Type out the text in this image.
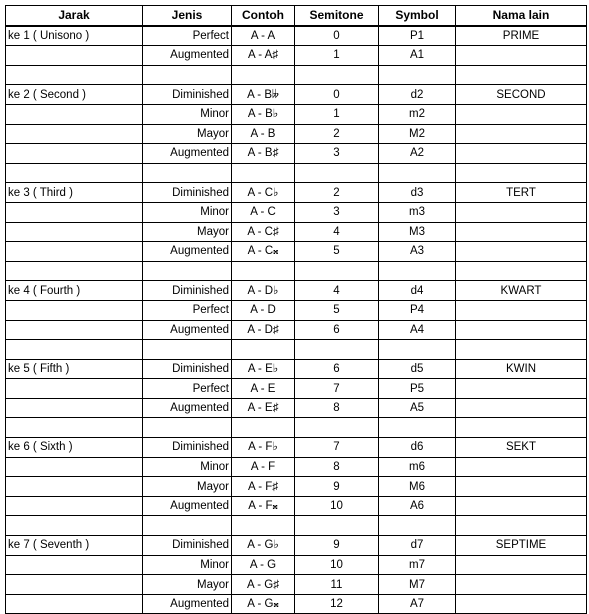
Jarak	Jenis	Contoh	Semitone	Symbol	Nama lain
ke 1 ( Unisono )	Perfect	A - A	0	P1	PRIME
	Augmented	A - A♯	1	A1	

ke 2 ( Second )	Diminished	A - B𝄫	0	d2	SECOND
	Minor	A - B♭	1	m2	
	Mayor	A - B	2	M2	
	Augmented	A - B♯	3	A2	

ke 3 ( Third )	Diminished	A - C♭	2	d3	TERT
	Minor	A - C	3	m3	
	Mayor	A - C♯	4	M3	
	Augmented	A - C𝄪	5	A3	

ke 4 ( Fourth )	Diminished	A - D♭	4	d4	KWART
	Perfect	A - D	5	P4	
	Augmented	A - D♯	6	A4	

ke 5 ( Fifth )	Diminished	A - E♭	6	d5	KWIN
	Perfect	A - E	7	P5	
	Augmented	A - E♯	8	A5	

ke 6 ( Sixth )	Diminished	A - F♭	7	d6	SEKT
	Minor	A - F	8	m6	
	Mayor	A - F♯	9	M6	
	Augmented	A - F𝄪	10	A6	

ke 7 ( Seventh )	Diminished	A - G♭	9	d7	SEPTIME
	Minor	A - G	10	m7	
	Mayor	A - G♯	11	M7	
	Augmented	A - G𝄪	12	A7	
